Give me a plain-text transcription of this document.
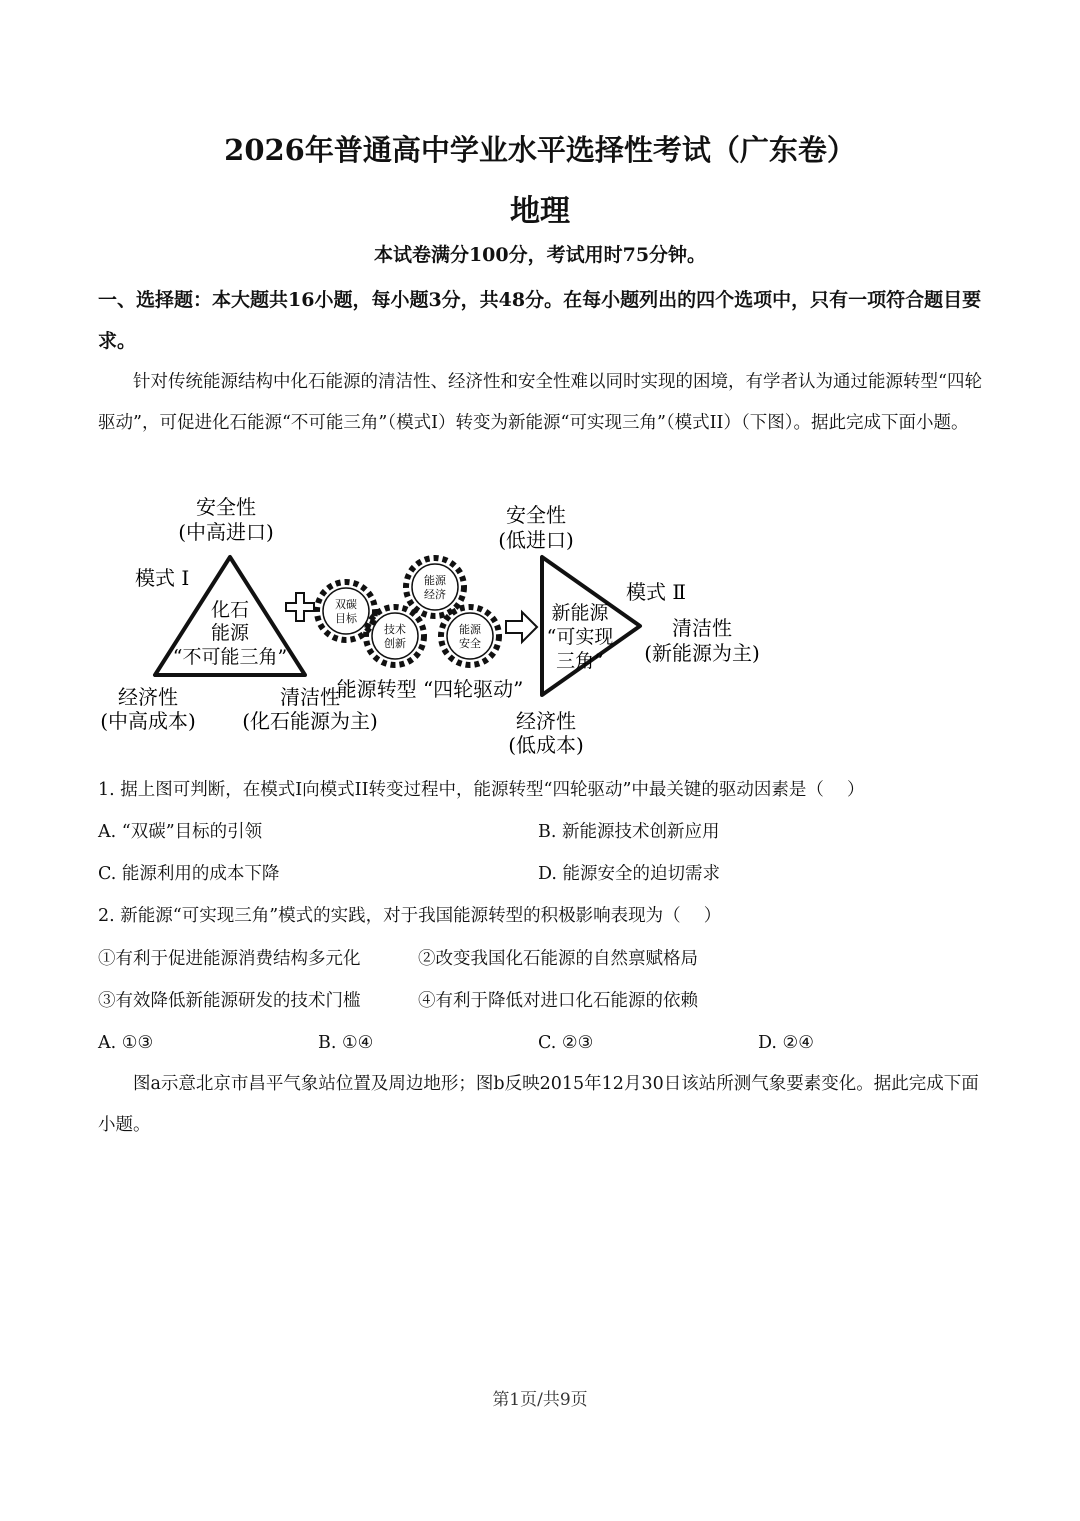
2026年普通高中学业水平选择性考试（广东卷）
地理
本试卷满分100分，考试用时75分钟。
一、选择题：本大题共16小题，每小题3分，共48分。在每小题列出的四个选项中，只有一项符合题目要求。
针对传统能源结构中化石能源的清洁性、经济性和安全性难以同时实现的困境，有学者认为通过能源转型“四轮驱动”，可促进化石能源“不可能三角”（模式I）转变为新能源“可实现三角”（模式II）（下图）。据此完成下面小题。
安全性
(中高进口)
模式 I
化石
能源
“不可能三角”
经济性
(中高成本)
清洁性
(化石能源为主)
双碳
目标
能源
经济
技术
创新
能源
安全
能源转型 “四轮驱动”
安全性
(低进口)
模式 Ⅱ
新能源
“可实现
三角”
清洁性
(新能源为主)
经济性
(低成本)
1. 据上图可判断，在模式I向模式II转变过程中，能源转型“四轮驱动”中最关键的驱动因素是（　 ）
A. “双碳”目标的引领	B. 新能源技术创新应用
C. 能源利用的成本下降	D. 能源安全的迫切需求
2. 新能源“可实现三角”模式的实践，对于我国能源转型的积极影响表现为（　 ）
①有利于促进能源消费结构多元化	②改变我国化石能源的自然禀赋格局
③有效降低新能源研发的技术门槛	④有利于降低对进口化石能源的依赖
A. ①③	B. ①④	C. ②③	D. ②④
图a示意北京市昌平气象站位置及周边地形；图b反映2015年12月30日该站所测气象要素变化。据此完成下面小题。
第1页/共9页
